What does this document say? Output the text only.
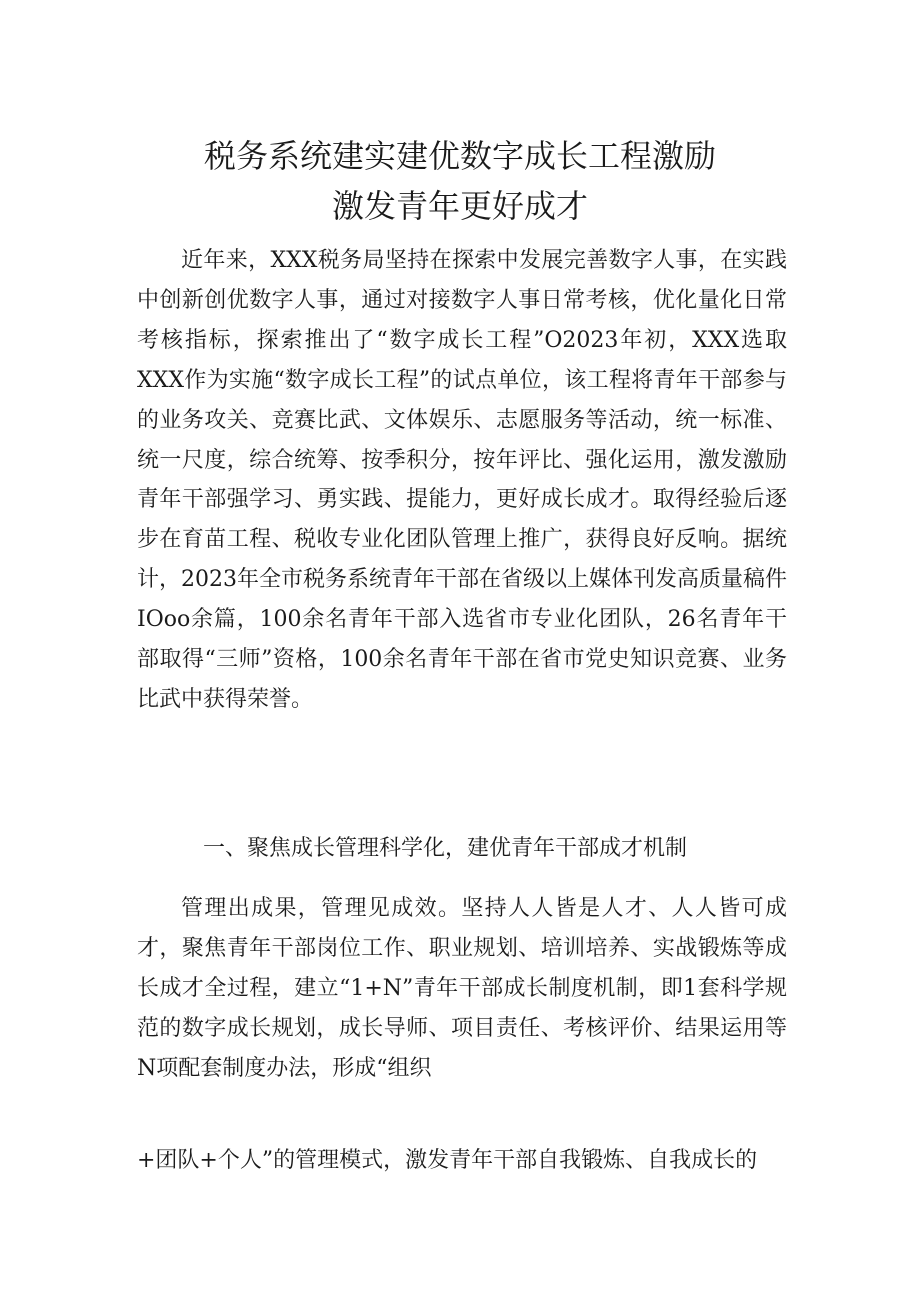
税务系统建实建优数字成长工程激励
激发青年更好成才

近年来，XXX税务局坚持在探索中发展完善数字人事，在实践中创新创优数字人事，通过对接数字人事日常考核，优化量化日常考核指标，探索推出了“数字成长工程”O2023年初，XXX选取XXX作为实施“数字成长工程”的试点单位，该工程将青年干部参与的业务攻关、竞赛比武、文体娱乐、志愿服务等活动，统一标准、统一尺度，综合统筹、按季积分，按年评比、强化运用，激发激励青年干部强学习、勇实践、提能力，更好成长成才。取得经验后逐步在育苗工程、税收专业化团队管理上推广，获得良好反响。据统计，2023年全市税务系统青年干部在省级以上媒体刊发高质量稿件IOoo余篇，100余名青年干部入选省市专业化团队，26名青年干部取得“三师”资格，100余名青年干部在省市党史知识竞赛、业务比武中获得荣誉。

一、聚焦成长管理科学化，建优青年干部成才机制

管理出成果，管理见成效。坚持人人皆是人才、人人皆可成才，聚焦青年干部岗位工作、职业规划、培训培养、实战锻炼等成长成才全过程，建立“1+N”青年干部成长制度机制，即1套科学规范的数字成长规划，成长导师、项目责任、考核评价、结果运用等N项配套制度办法，形成“组织

+团队+个人”的管理模式，激发青年干部自我锻炼、自我成长的
